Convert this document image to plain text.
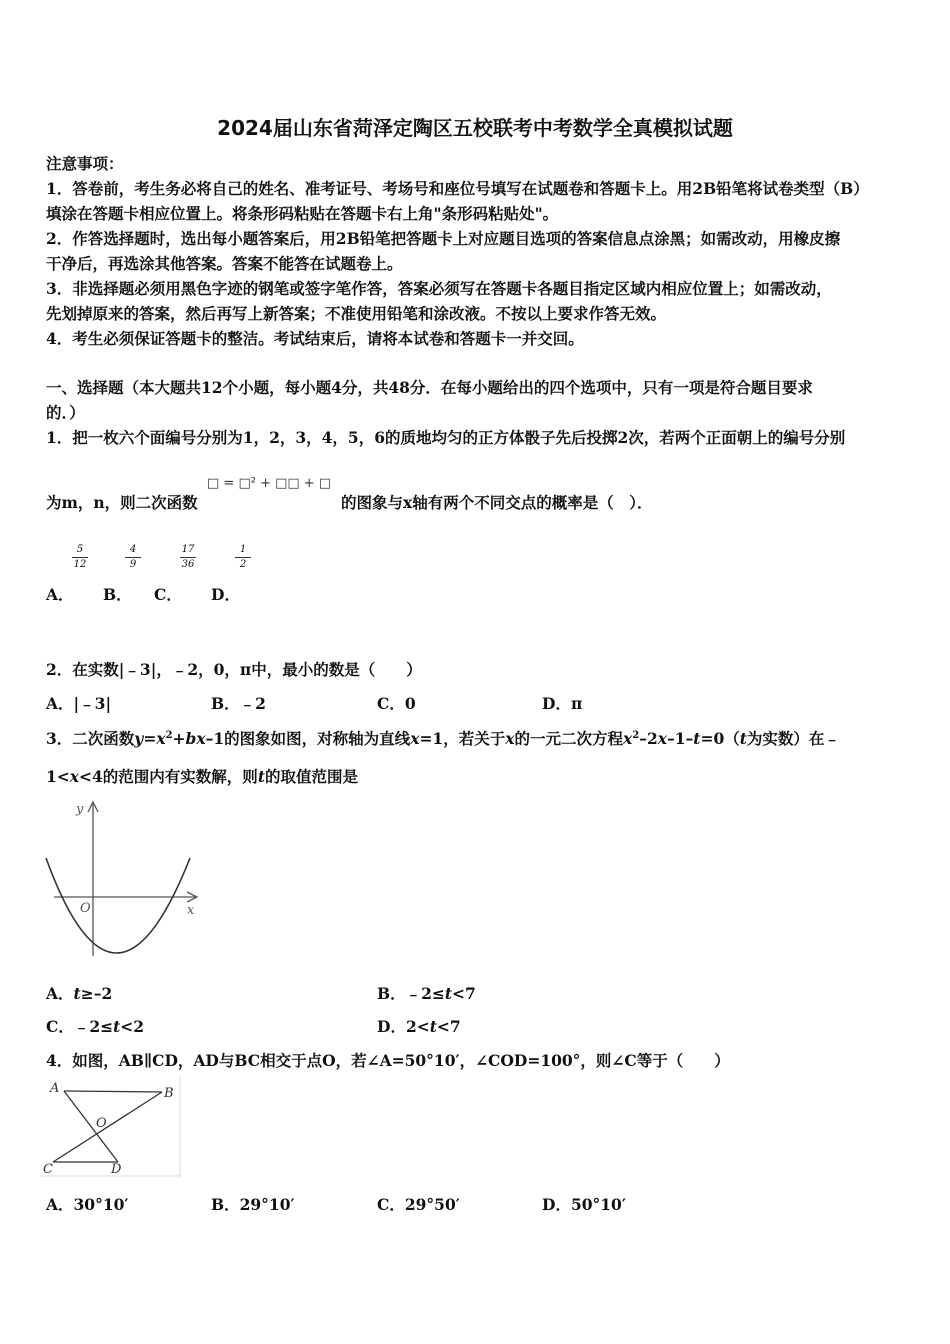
2024届山东省菏泽定陶区五校联考中考数学全真模拟试题
注意事项：
1．答卷前，考生务必将自己的姓名、准考证号、考场号和座位号填写在试题卷和答题卡上。用2B铅笔将试卷类型（B）
填涂在答题卡相应位置上。将条形码粘贴在答题卡右上角"条形码粘贴处"。
2．作答选择题时，选出每小题答案后，用2B铅笔把答题卡上对应题目选项的答案信息点涂黑；如需改动，用橡皮擦
干净后，再选涂其他答案。答案不能答在试题卷上。
3．非选择题必须用黑色字迹的钢笔或签字笔作答，答案必须写在答题卡各题目指定区域内相应位置上；如需改动，
先划掉原来的答案，然后再写上新答案；不准使用铅笔和涂改液。不按以上要求作答无效。
4．考生必须保证答题卡的整洁。考试结束后，请将本试卷和答题卡一并交回。
一、选择题（本大题共12个小题，每小题4分，共48分．在每小题给出的四个选项中，只有一项是符合题目要求
的．）
1．把一枚六个面编号分别为1，2，3，4，5，6的质地均匀的正方体骰子先后投掷2次，若两个正面朝上的编号分别
为m，n，则二次函数
□ = □² + □□ + □
的图象与x轴有两个不同交点的概率是（　）．
5
12
4
9
17
36
1
2
A． B． C． D．
2．在实数|﹣3|，﹣2，0，π中，最小的数是（　　）
A．|﹣3|	B．﹣2	C．0	D．π
3．二次函数$y=x^2+bx-1$的图象如图，对称轴为直线x=1，若关于x的一元二次方程$x^2-2x-1-t=0(t$为实数）在﹣
1<x<4的范围内有实数解，则t的取值范围是
y
O	x
A．t≥–2	B．﹣2≤t<7
C．﹣2≤t<2	D．2<t<7
4．如图，AB∥CD，AD与BC相交于点O，若∠A=50°10′，∠COD=100°，则∠C等于（　　）
A	B
O
C	D
A．30°10′	B．29°10′	C．29°50′	D．50°10′
